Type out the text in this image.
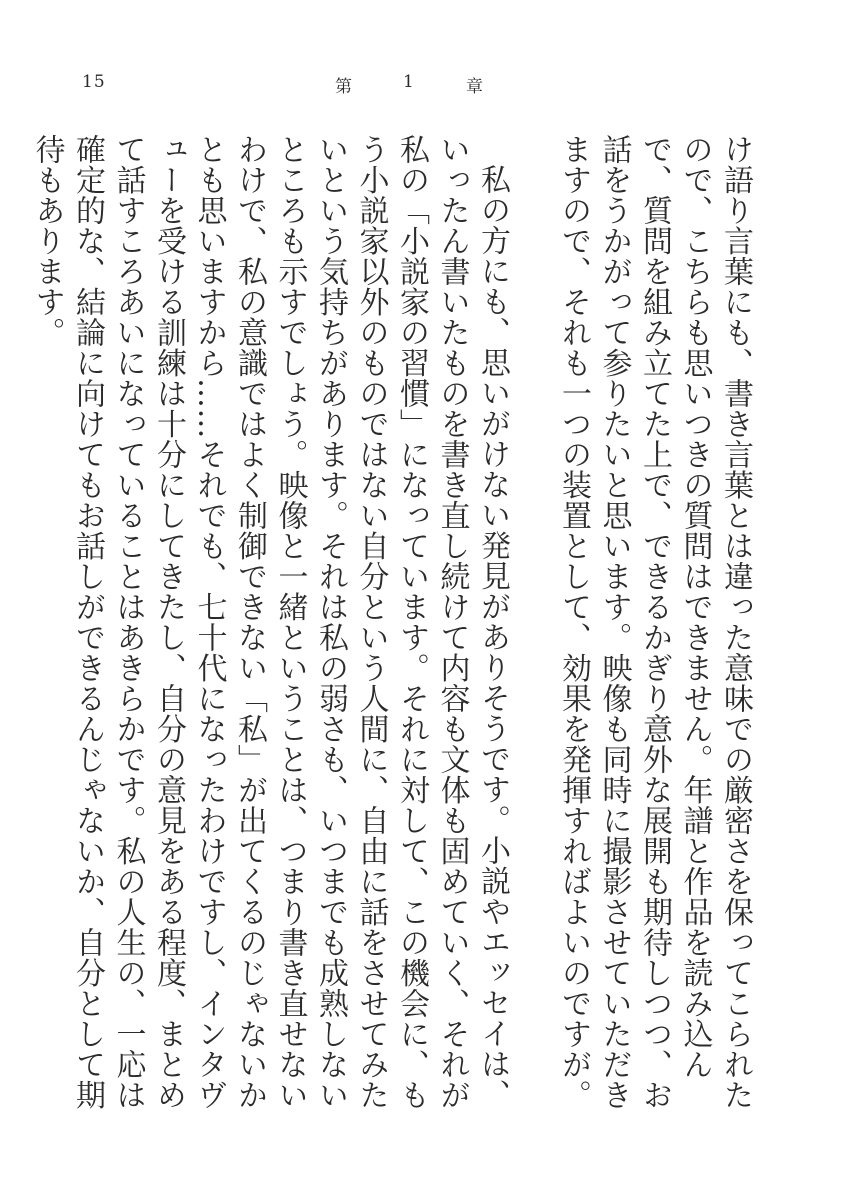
15	第	1	章

け語り言葉にも、書き言葉とは違った意味での厳密さを保ってこられたので、こちらも思いつきの質問はできません。年譜と作品を読み込んで、質問を組み立てた上で、できるかぎり意外な展開も期待しつつ、お話をうかがって参りたいと思います。映像も同時に撮影させていただきますので、それも一つの装置として、効果を発揮すればよいのですが。

私の方にも、思いがけない発見がありそうです。小説やエッセイは、いったん書いたものを書き直し続けて内容も文体も固めていく、それが私の「小説家の習慣」になっています。それに対して、この機会に、もう小説家以外のものではない自分という人間に、自由に話をさせてみたいという気持ちがあります。それは私の弱さも、いつまでも成熟しないところも示すでしょう。映像と一緒ということは、つまり書き直せないわけで、私の意識ではよく制御できない「私」が出てくるのじゃないかとも思いますから……それでも、七十代になったわけですし、インタヴューを受ける訓練は十分にしてきたし、自分の意見をある程度、まとめて話すころあいになっていることはあきらかです。私の人生の、一応は確定的な、結論に向けてもお話しができるんじゃないか、自分として期待もあります。
